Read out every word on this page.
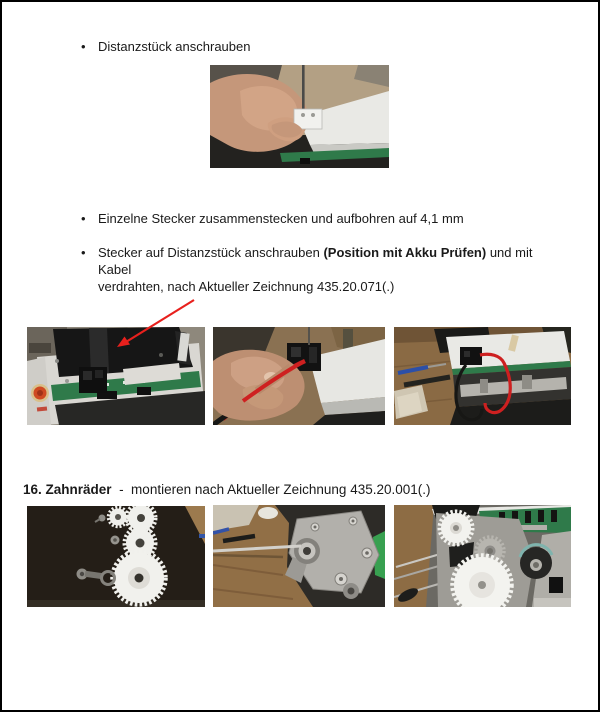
• Distanzstück anschrauben
• Einzelne Stecker zusammenstecken und aufbohren auf 4,1 mm
• Stecker auf Distanzstück anschrauben (Position mit Akku Prüfen) und mit Kabel
verdrahten, nach Aktueller Zeichnung 435.20.071(.)

16. Zahnräder  -  montieren nach Aktueller Zeichnung 435.20.001(.)
